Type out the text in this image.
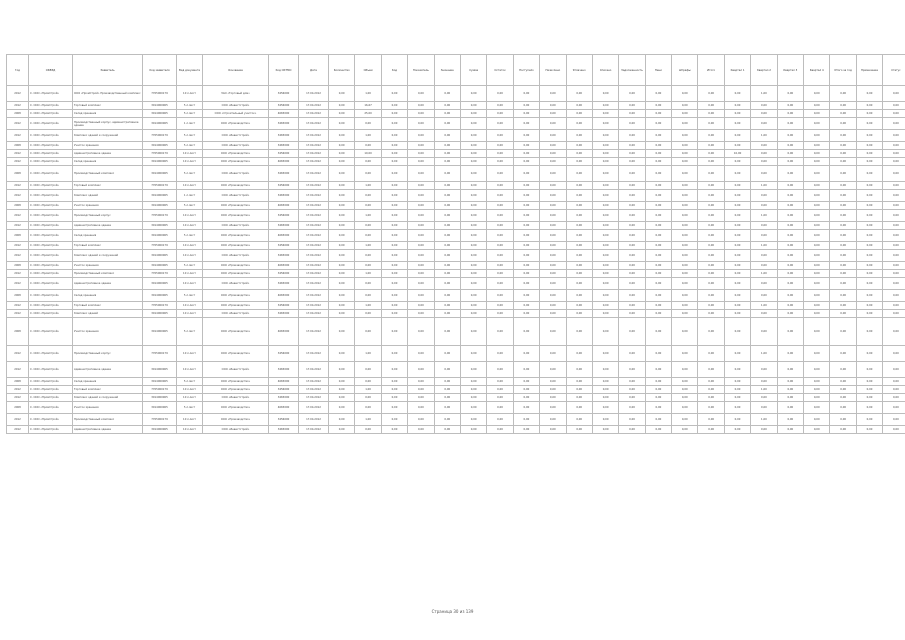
Год	ОКВЭД	Заявитель	Код заявителя	Вид документа	Основание	Код ОКТМО	Дата	Количество	Объем	Код	Показатель	Значение	Сумма	Остаток	Поступило	Начислено	Уплачено	Списано	Задолженность	Пени	Штрафы	Итого	Квартал 1	Квартал 2	Квартал 3	Квартал 4	Итого за год	Примечание	Статус
2012	С. ООО «ПромСтрой»	ООО «ПромСтрой» Производственный комплекс	7705000179	10 л.лист	ЗАО «Торговый дом»	3456000	17.04.2012	0,00	1,00	0,00	0,00	0,00	0,00	0,00	0,00	0,00	0,00	0,00	0,00	0,00	0,00	0,00	0,00	1,00	0,00	0,00	0,00	0,00	0,00
2012	С. ООО «ПромСтрой»	Торговый комплекс	3014000065	5 л.лист	ООО «Инвестстрой»	3456000	17.04.2012	0,00	16,67	0,00	0,00	0,00	0,00	0,00	0,00	0,00	0,00	0,00	0,00	0,00	0,00	0,00	0,00	0,00	0,00	0,00	0,00	0,00	0,00
2008	С. ООО «ПромСтрой»	Склад хранения	3014000065	5 л.лист	ООО «Строительный участок»	4665000	17.04.2012	0,00	25,00	0,00	0,00	0,00	0,00	0,00	0,00	0,00	0,00	0,00	0,00	0,00	0,00	0,00	0,00	0,00	0,00	0,00	0,00	0,00	0,00
2012	С. ООО «ПромСтрой»	Производственный корпус, административное здание	3014000065	1 л.лист	ООО «Производство»	3465000	17.04.2012	0,00	0,00	0,00	0,00	0,00	0,00	0,00	0,00	0,00	0,00	0,00	0,00	0,00	0,00	0,00	0,00	0,00	0,00	0,00	0,00	0,00	0,00
2012	С. ООО «ПромСтрой»	Комплекс зданий и сооружений	7705000179	5 л.лист	ООО «Инвестстрой»	3465000	17.04.2012	0,00	1,00	0,00	0,00	0,00	0,00	0,00	0,00	0,00	0,00	0,00	0,00	0,00	0,00	0,00	0,00	1,00	0,00	0,00	0,00	0,00	0,00
2008	С. ООО «ПромСтрой»	Участок хранения	3014000065	5 л.лист	ООО «Инвестстрой»	3465000	17.04.2012	0,00	0,00	0,00	0,00	0,00	0,00	0,00	0,00	0,00	0,00	0,00	0,00	0,00	0,00	0,00	0,00	0,00	0,00	0,00	0,00	0,00	0,00
2012	С. ООО «ПромСтрой»	Административное здание	7705000179	10 л.лист	ООО «Производство»	3456000	17.04.2012	0,00	10,00	0,00	0,00	0,00	0,00	0,00	0,00	0,00	0,00	0,00	0,00	0,00	0,00	0,00	10,00	0,00	0,00	0,00	0,00	0,00	0,00
2012	С. ООО «ПромСтрой»	Склад хранения	3014000065	10 л.лист	ООО «Производство»	4665000	17.04.2012	0,00	0,00	0,00	0,00	0,00	0,00	0,00	0,00	0,00	0,00	0,00	0,00	0,00	0,00	0,00	0,00	0,00	0,00	0,00	0,00	0,00	0,00
2008	С. ООО «ПромСтрой»	Производственный комплекс	3014000065	5 л.лист	ООО «Инвестстрой»	3465000	17.04.2012	0,00	0,00	0,00	0,00	0,00	0,00	0,00	0,00	0,00	0,00	0,00	0,00	0,00	0,00	0,00	0,00	0,00	0,00	0,00	0,00	0,00	0,00
2012	С. ООО «ПромСтрой»	Торговый комплекс	7705000179	10 л.лист	ООО «Производство»	3456000	17.04.2012	0,00	1,00	0,00	0,00	0,00	0,00	0,00	0,00	0,00	0,00	0,00	0,00	0,00	0,00	0,00	0,00	1,00	0,00	0,00	0,00	0,00	0,00
2012	С. ООО «ПромСтрой»	Комплекс зданий	3014000065	1 л.лист	ООО «Инвестстрой»	3465000	17.04.2012	0,00	0,00	0,00	0,00	0,00	0,00	0,00	0,00	0,00	0,00	0,00	0,00	0,00	0,00	0,00	0,00	0,00	0,00	0,00	0,00	0,00	0,00
2008	С. ООО «ПромСтрой»	Участок хранения	3014000065	5 л.лист	ООО «Производство»	4665000	17.04.2012	0,00	0,00	0,00	0,00	0,00	0,00	0,00	0,00	0,00	0,00	0,00	0,00	0,00	0,00	0,00	0,00	0,00	0,00	0,00	0,00	0,00	0,00
2012	С. ООО «ПромСтрой»	Производственный корпус	7705000179	10 л.лист	ООО «Производство»	3456000	17.04.2012	0,00	1,00	0,00	0,00	0,00	0,00	0,00	0,00	0,00	0,00	0,00	0,00	0,00	0,00	0,00	0,00	1,00	0,00	0,00	0,00	0,00	0,00
2012	С. ООО «ПромСтрой»	Административное здание	3014000065	10 л.лист	ООО «Инвестстрой»	3465000	17.04.2012	0,00	0,00	0,00	0,00	0,00	0,00	0,00	0,00	0,00	0,00	0,00	0,00	0,00	0,00	0,00	0,00	0,00	0,00	0,00	0,00	0,00	0,00
2008	С. ООО «ПромСтрой»	Склад хранения	3014000065	5 л.лист	ООО «Производство»	4665000	17.04.2012	0,00	0,00	0,00	0,00	0,00	0,00	0,00	0,00	0,00	0,00	0,00	0,00	0,00	0,00	0,00	0,00	0,00	0,00	0,00	0,00	0,00	0,00
2012	С. ООО «ПромСтрой»	Торговый комплекс	7705000179	10 л.лист	ООО «Производство»	3456000	17.04.2012	0,00	1,00	0,00	0,00	0,00	0,00	0,00	0,00	0,00	0,00	0,00	0,00	0,00	0,00	0,00	0,00	1,00	0,00	0,00	0,00	0,00	0,00
2012	С. ООО «ПромСтрой»	Комплекс зданий и сооружений	3014000065	10 л.лист	ООО «Инвестстрой»	3465000	17.04.2012	0,00	0,00	0,00	0,00	0,00	0,00	0,00	0,00	0,00	0,00	0,00	0,00	0,00	0,00	0,00	0,00	0,00	0,00	0,00	0,00	0,00	0,00
2008	С. ООО «ПромСтрой»	Участок хранения	3014000065	5 л.лист	ООО «Производство»	4665000	17.04.2012	0,00	0,00	0,00	0,00	0,00	0,00	0,00	0,00	0,00	0,00	0,00	0,00	0,00	0,00	0,00	0,00	0,00	0,00	0,00	0,00	0,00	0,00
2012	С. ООО «ПромСтрой»	Производственный комплекс	7705000179	10 л.лист	ООО «Производство»	3456000	17.04.2012	0,00	1,00	0,00	0,00	0,00	0,00	0,00	0,00	0,00	0,00	0,00	0,00	0,00	0,00	0,00	0,00	1,00	0,00	0,00	0,00	0,00	0,00
2012	С. ООО «ПромСтрой»	Административное здание	3014000065	10 л.лист	ООО «Инвестстрой»	3465000	17.04.2012	0,00	0,00	0,00	0,00	0,00	0,00	0,00	0,00	0,00	0,00	0,00	0,00	0,00	0,00	0,00	0,00	0,00	0,00	0,00	0,00	0,00	0,00
2008	С. ООО «ПромСтрой»	Склад хранения	3014000065	5 л.лист	ООО «Производство»	4665000	17.04.2012	0,00	0,00	0,00	0,00	0,00	0,00	0,00	0,00	0,00	0,00	0,00	0,00	0,00	0,00	0,00	0,00	0,00	0,00	0,00	0,00	0,00	0,00
2012	С. ООО «ПромСтрой»	Торговый комплекс	7705000179	10 л.лист	ООО «Производство»	3456000	17.04.2012	0,00	1,00	0,00	0,00	0,00	0,00	0,00	0,00	0,00	0,00	0,00	0,00	0,00	0,00	0,00	0,00	1,00	0,00	0,00	0,00	0,00	0,00
2012	С. ООО «ПромСтрой»	Комплекс зданий	3014000065	10 л.лист	ООО «Инвестстрой»	3465000	17.04.2012	0,00	0,00	0,00	0,00	0,00	0,00	0,00	0,00	0,00	0,00	0,00	0,00	0,00	0,00	0,00	0,00	0,00	0,00	0,00	0,00	0,00	0,00
2008	С. ООО «ПромСтрой»	Участок хранения	3014000065	5 л.лист	ООО «Производство»	4665000	17.04.2012	0,00	0,00	0,00	0,00	0,00	0,00	0,00	0,00	0,00	0,00	0,00	0,00	0,00	0,00	0,00	0,00	0,00	0,00	0,00	0,00	0,00	0,00
2012	С. ООО «ПромСтрой»	Производственный корпус	7705000179	10 л.лист	ООО «Производство»	3456000	17.04.2012	0,00	1,00	0,00	0,00	0,00	0,00	0,00	0,00	0,00	0,00	0,00	0,00	0,00	0,00	0,00	0,00	1,00	0,00	0,00	0,00	0,00	0,00
2012	С. ООО «ПромСтрой»	Административное здание	3014000065	10 л.лист	ООО «Инвестстрой»	3465000	17.04.2012	0,00	0,00	0,00	0,00	0,00	0,00	0,00	0,00	0,00	0,00	0,00	0,00	0,00	0,00	0,00	0,00	0,00	0,00	0,00	0,00	0,00	0,00
2008	С. ООО «ПромСтрой»	Склад хранения	3014000065	5 л.лист	ООО «Производство»	4665000	17.04.2012	0,00	0,00	0,00	0,00	0,00	0,00	0,00	0,00	0,00	0,00	0,00	0,00	0,00	0,00	0,00	0,00	0,00	0,00	0,00	0,00	0,00	0,00
2012	С. ООО «ПромСтрой»	Торговый комплекс	7705000179	10 л.лист	ООО «Производство»	3456000	17.04.2012	0,00	1,00	0,00	0,00	0,00	0,00	0,00	0,00	0,00	0,00	0,00	0,00	0,00	0,00	0,00	0,00	1,00	0,00	0,00	0,00	0,00	0,00
2012	С. ООО «ПромСтрой»	Комплекс зданий и сооружений	3014000065	10 л.лист	ООО «Инвестстрой»	3465000	17.04.2012	0,00	0,00	0,00	0,00	0,00	0,00	0,00	0,00	0,00	0,00	0,00	0,00	0,00	0,00	0,00	0,00	0,00	0,00	0,00	0,00	0,00	0,00
2008	С. ООО «ПромСтрой»	Участок хранения	3014000065	5 л.лист	ООО «Производство»	4665000	17.04.2012	0,00	0,00	0,00	0,00	0,00	0,00	0,00	0,00	0,00	0,00	0,00	0,00	0,00	0,00	0,00	0,00	0,00	0,00	0,00	0,00	0,00	0,00
2012	С. ООО «ПромСтрой»	Производственный комплекс	7705000179	10 л.лист	ООО «Производство»	3456000	17.04.2012	0,00	1,00	0,00	0,00	0,00	0,00	0,00	0,00	0,00	0,00	0,00	0,00	0,00	0,00	0,00	0,00	1,00	0,00	0,00	0,00	0,00	0,00
2012	С. ООО «ПромСтрой»	Административное здание	3014000065	10 л.лист	ООО «Инвестстрой»	3465000	17.04.2012	0,00	0,00	0,00	0,00	0,00	0,00	0,00	0,00	0,00	0,00	0,00	0,00	0,00	0,00	0,00	0,00	0,00	0,00	0,00	0,00	0,00	0,00
Страница 30 из 139
